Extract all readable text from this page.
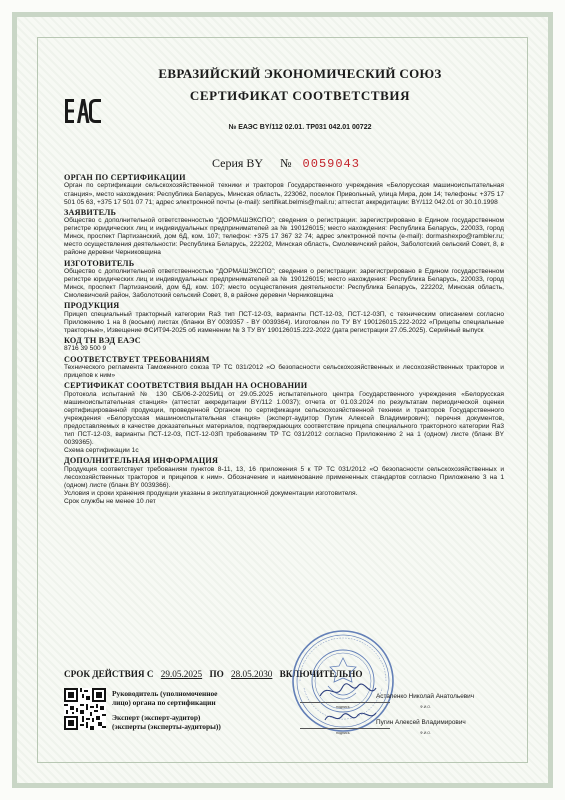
ЕВРАЗИЙСКИЙ ЭКОНОМИЧЕСКИЙ СОЮЗ
СЕРТИФИКАТ СООТВЕТСТВИЯ
№ ЕАЭС BY/112 02.01. ТР031 042.01 00722
Серия BY № 0059043
ОРГАН ПО СЕРТИФИКАЦИИ

Орган по сертификации сельскохозяйственной техники и тракторов Государственного учреждения «Белорусская машиноиспытательная станция», место нахождения: Республика Беларусь, Минская область, 223062, поселок Привольный, улица Мира, дом 14; телефоны: +375 17 501 05 63, +375 17 501 07 71; адрес электронной почты (e-mail): sertifikat.belmis@mail.ru; аттестат аккредитации: BY/112 042.01 от 30.10.1998

ЗАЯВИТЕЛЬ

Общество с дополнительной ответственностью “ДОРМАШЭКСПО”; сведения о регистрации: зарегистрировано в Едином государственном регистре юридических лиц и индивидуальных предпринимателей за № 190126015; место нахождения: Республика Беларусь, 220033, город Минск, проспект Партизанский, дом 6Д, ком. 107; телефон: +375 17 367 32 74; адрес электронной почты (e-mail): dormashexpo@rambler.ru; место осуществления деятельности: Республика Беларусь, 222202, Минская область, Смолевичский район, Заболотский сельский Совет, 8, в районе деревни Черниковщина

ИЗГОТОВИТЕЛЬ

Общество с дополнительной ответственностью “ДОРМАШЭКСПО”; сведения о регистрации: зарегистрировано в Едином государственном регистре юридических лиц и индивидуальных предпринимателей за № 190126015; место нахождения: Республика Беларусь, 220033, город Минск, проспект Партизанский, дом 6Д, ком. 107; место осуществления деятельности: Республика Беларусь, 222202, Минская область, Смолевичский район, Заболотский сельский Совет, 8, в районе деревни Черниковщина

ПРОДУКЦИЯ

Прицеп специальный тракторный категории Ra3 тип ПСТ-12-03, варианты ПСТ-12-03, ПСТ-12-03П, с техническим описанием согласно Приложению 1 на 8 (восьми) листах (бланки BY 0039357 - BY 0039364). Изготовлен по ТУ BY 190126015.222-2022 «Прицепы специальные тракторные», Извещение ФСИТ94-2025 об изменении № 3 ТУ BY 190126015.222-2022 (дата регистрации 27.05.2025). Серийный выпуск

КОД ТН ВЭД ЕАЭС

8716 39 500 9

СООТВЕТСТВУЕТ ТРЕБОВАНИЯМ

Технического регламента Таможенного союза ТР ТС 031/2012 «О безопасности сельскохозяйственных и лесохозяйственных тракторов и прицепов к ним»

СЕРТИФИКАТ СООТВЕТСТВИЯ ВЫДАН НА ОСНОВАНИИ

Протокола испытаний № 130 СБ/06-2-2025ИЦ от 29.05.2025 испытательного центра Государственного учреждения «Белорусская машиноиспытательная станция» (аттестат аккредитации BY/112 1.0037); отчета от 01.03.2024 по результатам периодической оценки сертифицированной продукции, проведенной Органом по сертификации сельскохозяйственной техники и тракторов Государственного учреждения «Белорусская машиноиспытательная станция» (эксперт-аудитор Пугин Алексей Владимирович); перечня документов, предоставляемых в качестве доказательных материалов, подтверждающих соответствие прицепа специального тракторного категории Ra3 тип ПСТ-12-03, варианты ПСТ-12-03, ПСТ-12-03П требованиям ТР ТС 031/2012 согласно Приложению 2 на 1 (одном) листе (бланк BY 0039365).

Схема сертификации 1с

ДОПОЛНИТЕЛЬНАЯ ИНФОРМАЦИЯ

Продукция соответствует требованиям пунктов 8-11, 13, 16 приложения 5 к ТР ТС 031/2012 «О безопасности сельскохозяйственных и лесохозяйственных тракторов и прицепов к ним». Обозначение и наименование примененных стандартов согласно Приложению 3 на 1 (одном) листе (бланк BY 0039366).

Условия и сроки хранения продукции указаны в эксплуатационной документации изготовителя.

Срок службы не менее 10 лет

СРОК ДЕЙСТВИЯ С 29.05.2025 ПО 28.05.2030 ВКЛЮЧИТЕЛЬНО
Руководитель (уполномоченное
лицо) органа по сертификации	подпись
Астапенко Николай Анатольевич
Ф.И.О.
Эксперт (эксперт-аудитор)
(эксперты (эксперты-аудиторы))
подпись
Пугин Алексей Владимирович
Ф.И.О.
